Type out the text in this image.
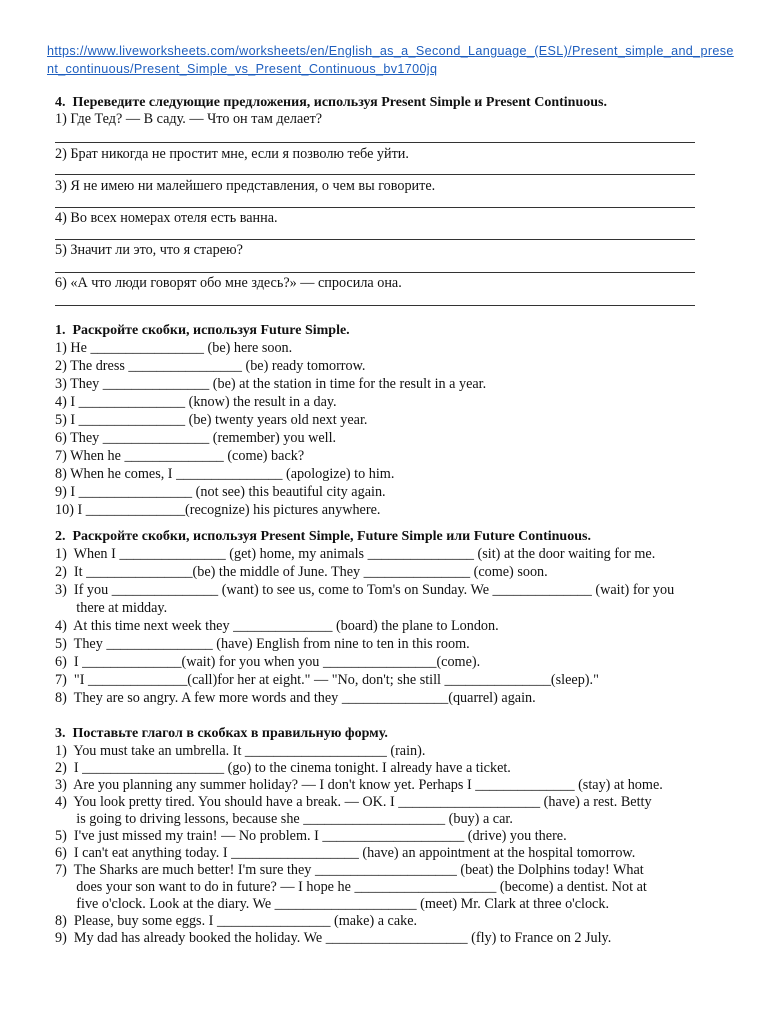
https://www.liveworksheets.com/worksheets/en/English_as_a_Second_Language_(ESL)/Present_simple_and_present_continuous/Present_Simple_vs_Present_Continuous_bv1700jq
4.  Переведите следующие предложения, используя Present Simple и Present Continuous.
1) Где Тед? — В саду. — Что он там делает?
2) Брат никогда не простит мне, если я позволю тебе уйти.
3) Я не имею ни малейшего представления, о чем вы говорите.
4) Во всех номерах отеля есть ванна.
5) Значит ли это, что я старею?
6) «А что люди говорят обо мне здесь?» — спросила она.
1.  Раскройте скобки, используя Future Simple.
1) He ________________ (be) here soon.
2) The dress ________________ (be) ready tomorrow.
3) They _______________ (be) at the station in time for the result in a year.
4) I _______________ (know) the result in a day.
5) I _______________ (be) twenty years old next year.
6) They _______________ (remember) you well.
7) When he ______________ (come) back?
8) When he comes, I _______________ (apologize) to him.
9) I ________________ (not see) this beautiful city again.
10) I ______________(recognize) his pictures anywhere.
2.  Раскройте скобки, используя Present Simple, Future Simple или Future Continuous.
1)  When I _______________ (get) home, my animals _______________ (sit) at the door waiting for me.
2)  It _______________(be) the middle of June. They _______________ (come) soon.
3)  If you _______________ (want) to see us, come to Tom's on Sunday. We ______________ (wait) for you
there at midday.
4)  At this time next week they ______________ (board) the plane to London.
5)  They _______________ (have) English from nine to ten in this room.
6)  I ______________(wait) for you when you ________________(come).
7)  "I ______________(call)for her at eight." — "No, don't; she still _______________(sleep)."
8)  They are so angry. A few more words and they _______________(quarrel) again.
3.  Поставьте глагол в скобках в правильную форму.
1)  You must take an umbrella. It ____________________ (rain).
2)  I ____________________ (go) to the cinema tonight. I already have a ticket.
3)  Are you planning any summer holiday? — I don't know yet. Perhaps I ______________ (stay) at home.
4)  You look pretty tired. You should have a break. — OK. I ____________________ (have) a rest. Betty
is going to driving lessons, because she ____________________ (buy) a car.
5)  I've just missed my train! — No problem. I ____________________ (drive) you there.
6)  I can't eat anything today. I __________________ (have) an appointment at the hospital tomorrow.
7)  The Sharks are much better! I'm sure they ____________________ (beat) the Dolphins today! What
does your son want to do in future? — I hope he ____________________ (become) a dentist. Not at
five o'clock. Look at the diary. We ____________________ (meet) Mr. Clark at three o'clock.
8)  Please, buy some eggs. I ________________ (make) a cake.
9)  My dad has already booked the holiday. We ____________________ (fly) to France on 2 July.
